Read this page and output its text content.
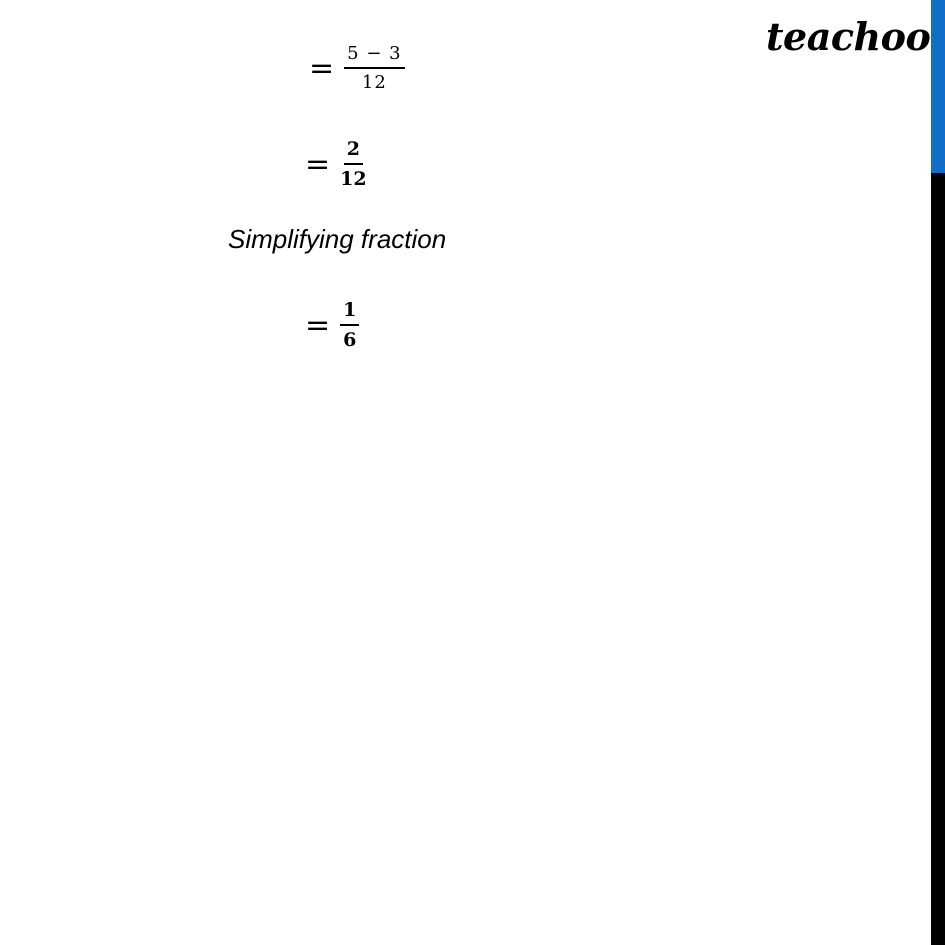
teachoo
= $\frac{5 - 3}{12}$
= $\frac{2}{12}$
Simplifying fraction
= $\frac{1}{6}$
